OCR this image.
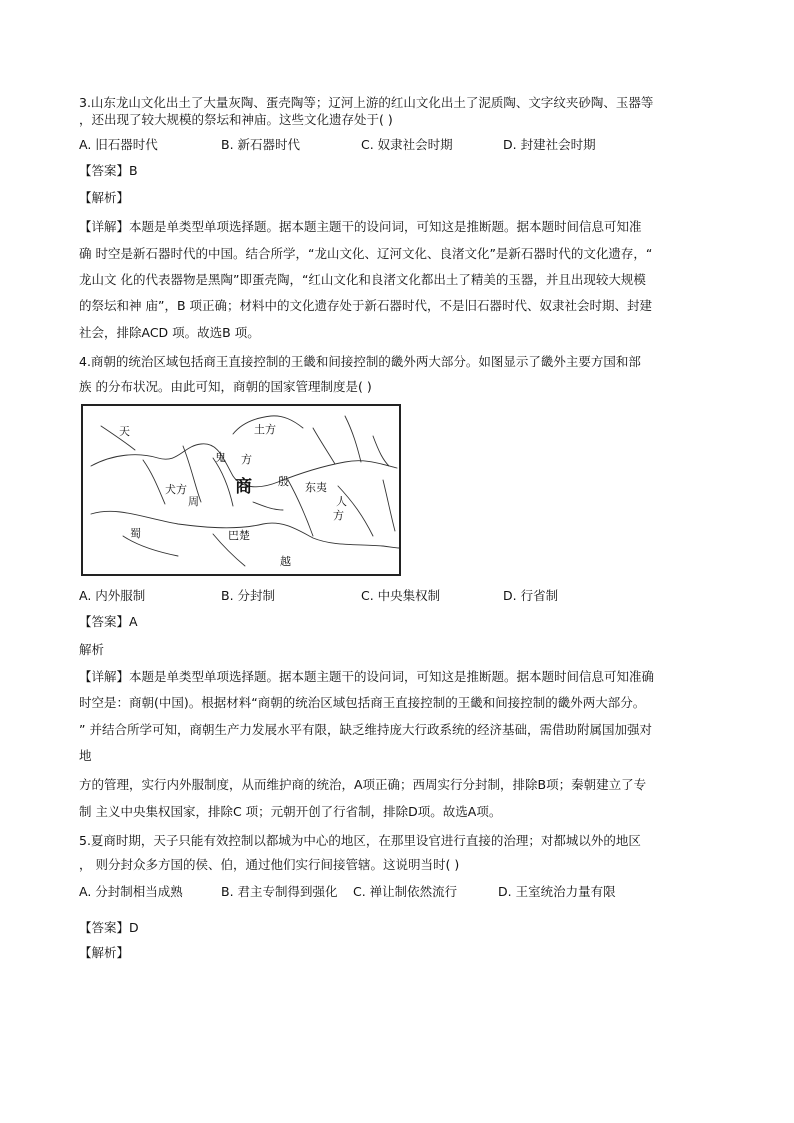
3.山东龙山文化出土了大量灰陶、蛋壳陶等；辽河上游的红山文化出土了泥质陶、文字纹夹砂陶、玉器等
，还出现了较大规模的祭坛和神庙。这些文化遗存处于( )
A. 旧石器时代	B. 新石器时代	C. 奴隶社会时期	D. 封建社会时期
【答案】B
【解析】
【详解】本题是单类型单项选择题。据本题主题干的设问词，可知这是推断题。据本题时间信息可知准
确 时空是新石器时代的中国。结合所学，“龙山文化、辽河文化、良渚文化”是新石器时代的文化遗存，“
龙山文 化的代表器物是黑陶”即蛋壳陶，“红山文化和良渚文化都出土了精美的玉器，并且出现较大规模
的祭坛和神 庙”，B 项正确；材料中的文化遗存处于新石器时代，不是旧石器时代、奴隶社会时期、封建
社会，排除ACD 项。故选B 项。
4.商朝的统治区域包括商王直接控制的王畿和间接控制的畿外两大部分。如图显示了畿外主要方国和部
族 的分布状况。由此可知，商朝的国家管理制度是( )
土方
天
鬼 方
犬方
周
商 殷 东夷
人
方
蜀	巴楚
越
A. 内外服制	B. 分封制	C. 中央集权制	D. 行省制
【答案】A
解析
【详解】本题是单类型单项选择题。据本题主题干的设问词，可知这是推断题。据本题时间信息可知准确
时空是：商朝(中国)。根据材料“商朝的统治区域包括商王直接控制的王畿和间接控制的畿外两大部分。
” 并结合所学可知，商朝生产力发展水平有限，缺乏维持庞大行政系统的经济基础，需借助附属国加强对
地
方的管理，实行内外服制度，从而维护商的统治，A项正确；西周实行分封制，排除B项；秦朝建立了专
制 主义中央集权国家，排除C 项；元朝开创了行省制，排除D项。故选A项。
5.夏商时期，天子只能有效控制以都城为中心的地区，在那里设官进行直接的治理；对都城以外的地区
， 则分封众多方国的侯、伯，通过他们实行间接管辖。这说明当时( )
A. 分封制相当成熟	B. 君主专制得到强化 C. 禅让制依然流行	D. 王室统治力量有限
【答案】D
【解析】
